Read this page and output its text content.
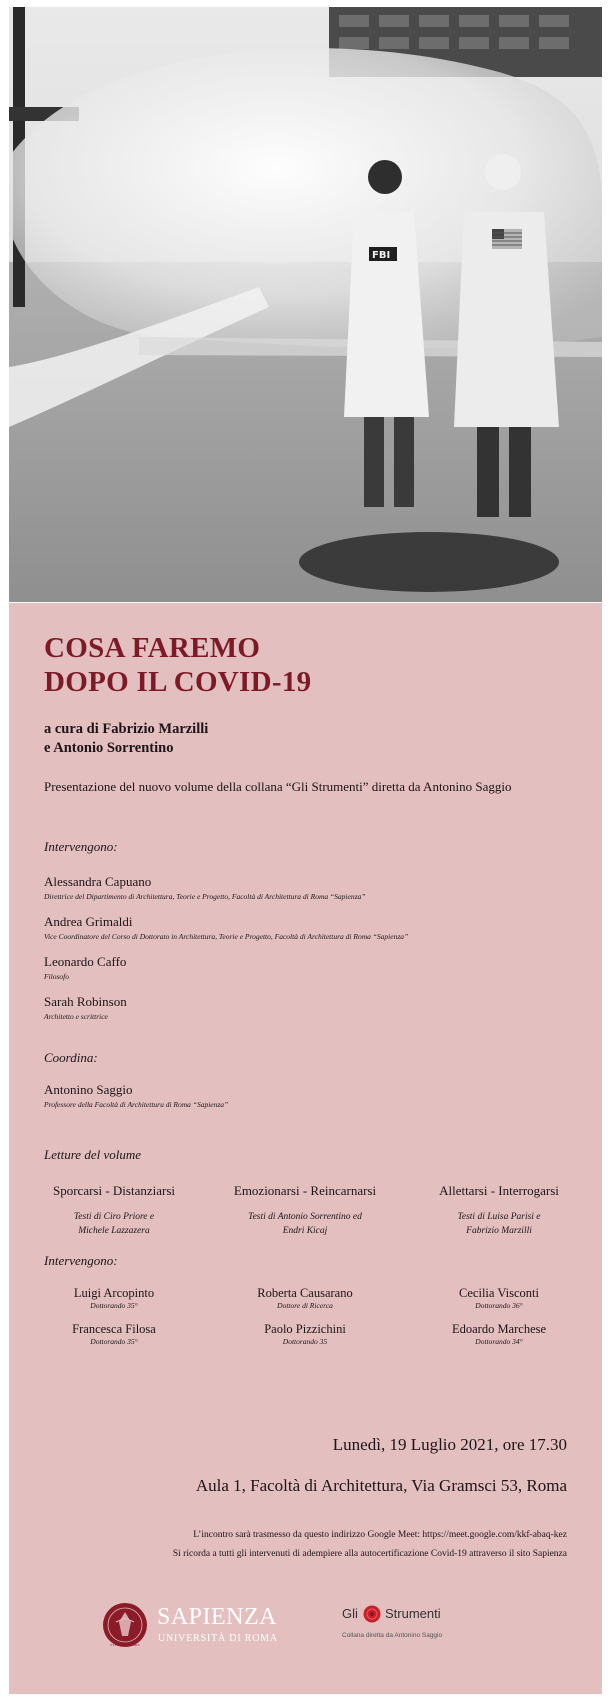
FBI
COSA FAREMO
DOPO IL COVID-19
a cura di Fabrizio Marzilli
e Antonio Sorrentino
Presentazione del nuovo volume della collana “Gli Strumenti” diretta da Antonino Saggio
Intervengono:
Alessandra Capuano
Direttrice del Dipartimento di Architettura, Teorie e Progetto, Facoltà di Architettura di Roma “Sapienza”
Andrea Grimaldi
Vice Coordinatore del Corso di Dottorato in Architettura, Teorie e Progetto, Facoltà di Architettura di Roma “Sapienza”
Leonardo Caffo
Filosofo
Sarah Robinson
Architetto e scrittrice
Coordina:
Antonino Saggio
Professore della Facoltà di Architetturu di Roma “Sapienza”
Letture del volume
Sporcarsi - Distanziarsi
Testi di Ciro Priore e
Michele Lazzazera
Emozionarsi - Reincarnarsi
Testi di Antonio Sorrentino ed
Endri Kicaj
Allettarsi - Interrogarsi
Testi di Luisa Parisi e
Fabrizio Marzilli
Intervengono:
Luigi Arcopinto
Dottorando 35°
Francesca Filosa
Dottorando 35°
Roberta Causarano
Dottore di Ricerca
Paolo Pizzichini
Dottorando 35
Cecilia Visconti
Dottorando 36°
Edoardo Marchese
Dottorando 34°
Lunedì, 19 Luglio 2021, ore 17.30
Aula 1, Facoltà di Architettura, Via Gramsci 53, Roma
L’incontro sarà trasmesso da questo indirizzo Google Meet: https://meet.google.com/kkf-abaq-kez
Si ricorda a tutti gli intervenuti di adempiere alla autocertificazione Covid-19 attraverso il sito Sapienza
STVDIVM VRBIS
SAPIENZA
UNIVERSITÀ DI ROMA
Gli Strumenti
Collana diretta da Antonino Saggio
